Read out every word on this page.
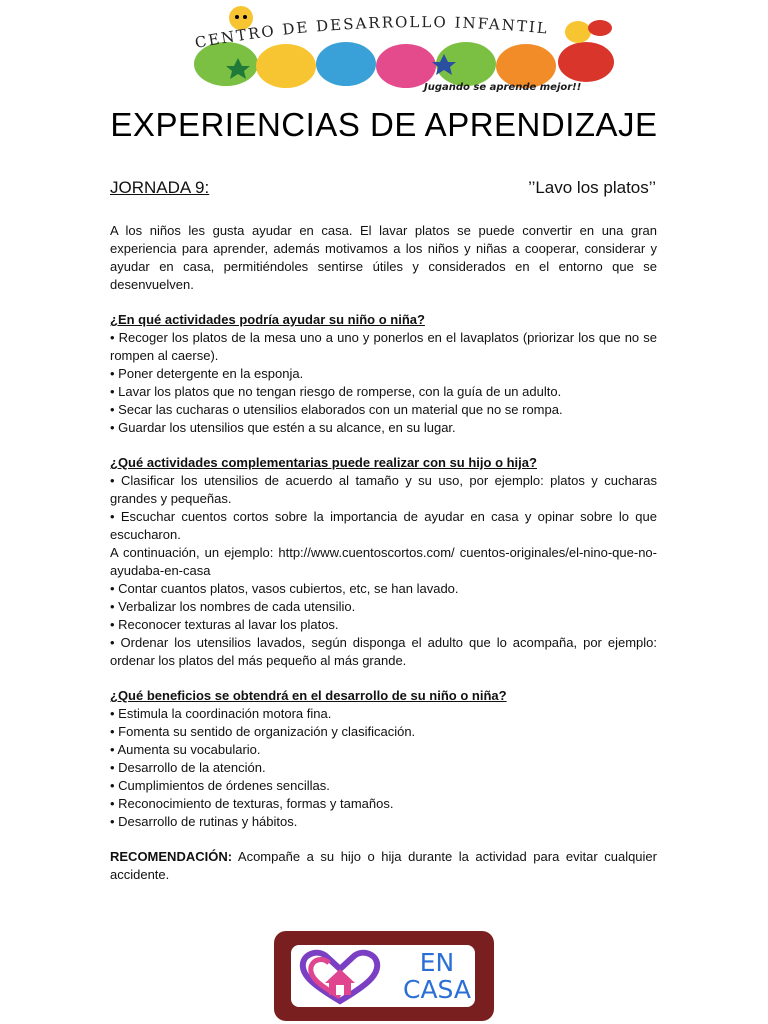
CENTRO DE DESARROLLO INFANTIL
Jugando se aprende mejor!!
EXPERIENCIAS DE APRENDIZAJE
JORNADA 9:	’’Lavo los platos’’

A los niños les gusta ayudar en casa. El lavar platos se puede convertir en una gran experiencia para aprender, además motivamos a los niños y niñas a cooperar, considerar y ayudar en casa, permitiéndoles sentirse útiles y considerados en el entorno que se desenvuelven.

¿En qué actividades podría ayudar su niño o niña?

• Recoger los platos de la mesa uno a uno y ponerlos en el lavaplatos (priorizar los que no se rompen al caerse).

• Poner detergente en la esponja.

• Lavar los platos que no tengan riesgo de romperse, con la guía de un adulto.

• Secar las cucharas o utensilios elaborados con un material que no se rompa.

• Guardar los utensilios que estén a su alcance, en su lugar.

¿Qué actividades complementarias puede realizar con su hijo o hija?

• Clasificar los utensilios de acuerdo al tamaño y su uso, por ejemplo: platos y cucharas grandes y pequeñas.

• Escuchar cuentos cortos sobre la importancia de ayudar en casa y opinar sobre lo que escucharon.

A continuación, un ejemplo: http://www.cuentoscortos.com/ cuentos-originales/el-nino-que-no- ayudaba-en-casa

• Contar cuantos platos, vasos cubiertos, etc, se han lavado.

• Verbalizar los nombres de cada utensilio.

• Reconocer texturas al lavar los platos.

• Ordenar los utensilios lavados, según disponga el adulto que lo acompaña, por ejemplo: ordenar los platos del más pequeño al más grande.

¿Qué beneficios se obtendrá en el desarrollo de su niño o niña?

• Estimula la coordinación motora fina.

• Fomenta su sentido de organización y clasificación.

• Aumenta su vocabulario.

• Desarrollo de la atención.

• Cumplimientos de órdenes sencillas.

• Reconocimiento de texturas, formas y tamaños.

• Desarrollo de rutinas y hábitos.

RECOMENDACIÓN: Acompañe a su hijo o hija durante la actividad para evitar cualquier accidente.

EN
CASA
